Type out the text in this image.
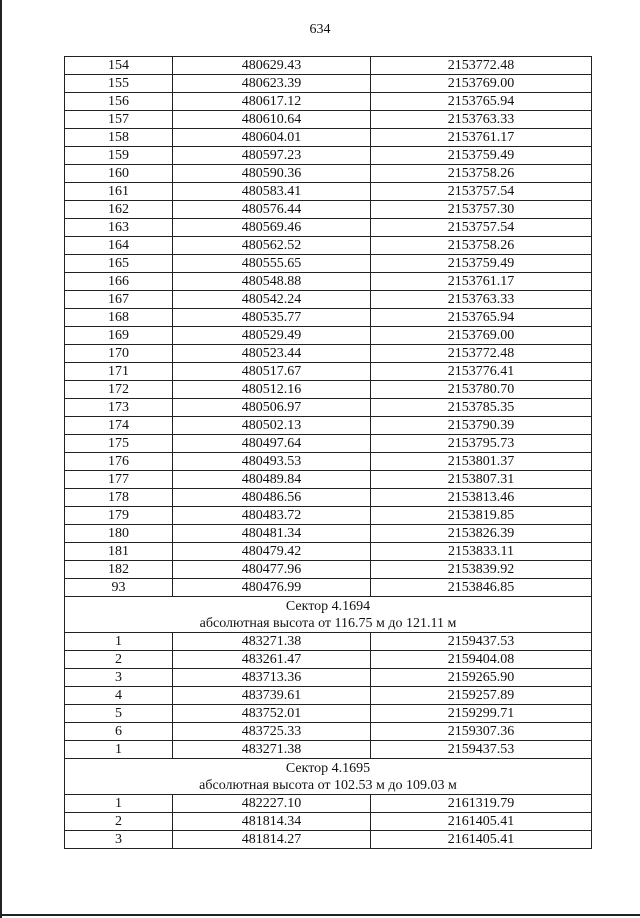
634
154	480629.43	2153772.48
155	480623.39	2153769.00
156	480617.12	2153765.94
157	480610.64	2153763.33
158	480604.01	2153761.17
159	480597.23	2153759.49
160	480590.36	2153758.26
161	480583.41	2153757.54
162	480576.44	2153757.30
163	480569.46	2153757.54
164	480562.52	2153758.26
165	480555.65	2153759.49
166	480548.88	2153761.17
167	480542.24	2153763.33
168	480535.77	2153765.94
169	480529.49	2153769.00
170	480523.44	2153772.48
171	480517.67	2153776.41
172	480512.16	2153780.70
173	480506.97	2153785.35
174	480502.13	2153790.39
175	480497.64	2153795.73
176	480493.53	2153801.37
177	480489.84	2153807.31
178	480486.56	2153813.46
179	480483.72	2153819.85
180	480481.34	2153826.39
181	480479.42	2153833.11
182	480477.96	2153839.92
93	480476.99	2153846.85

Сектор 4.1694
абсолютная высота от 116.75 м до 121.11 м		

1	483271.38	2159437.53
2	483261.47	2159404.08
3	483713.36	2159265.90
4	483739.61	2159257.89
5	483752.01	2159299.71
6	483725.33	2159307.36
1	483271.38	2159437.53

Сектор 4.1695
абсолютная высота от 102.53 м до 109.03 м		

1	482227.10	2161319.79
2	481814.34	2161405.41
3	481814.27	2161405.41
